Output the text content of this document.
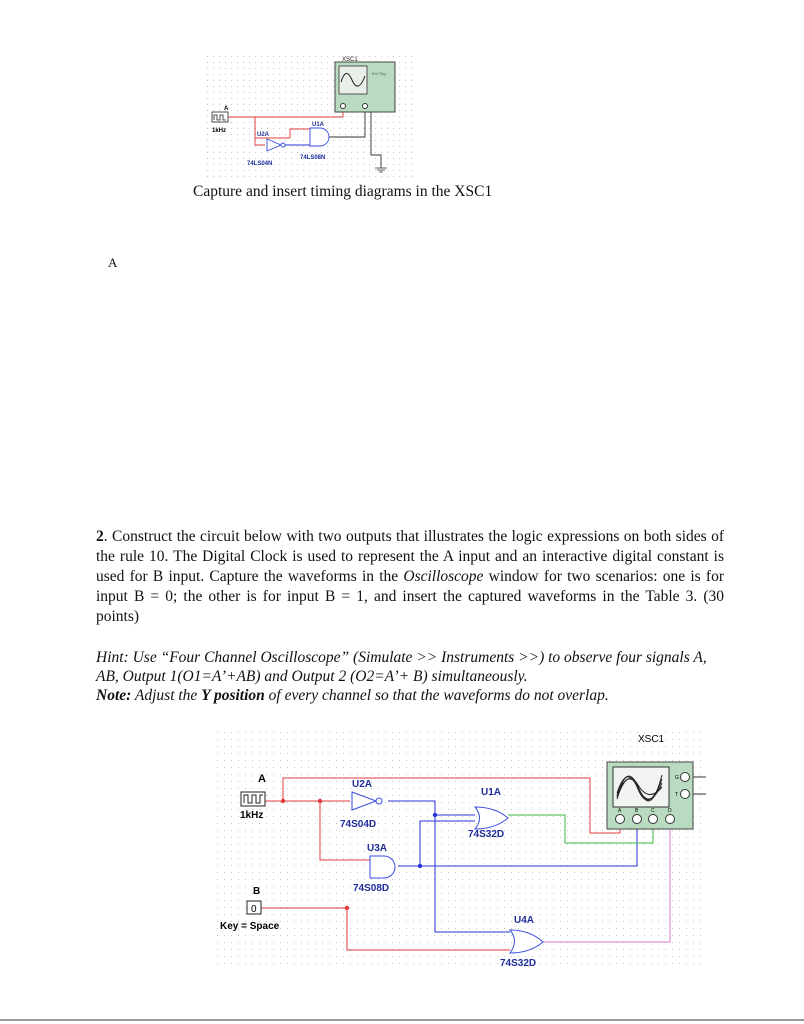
Ext Trig
XSC1
A
1kHz
U2A
74LS04N
U1A
74LS08N
Capture and insert timing diagrams in the XSC1
A
2. Construct the circuit below with two outputs that illustrates the logic expressions on both sides of the rule 10. The Digital Clock is used to represent the A input and an interactive digital constant is used for B input. Capture the waveforms in the Oscilloscope window for two scenarios: one is for input B = 0; the other is for input B = 1, and insert the captured waveforms in the Table 3. (30 points)
Hint: Use “Four Channel Oscilloscope” (Simulate >> Instruments >>) to observe four signals A, AB, Output 1(O1=A’+AB) and Output 2 (O2=A’+ B) simultaneously.
Note: Adjust the Y position of every channel so that the waveforms do not overlap.
A
1kHz
0
B
Key = Space
U2A
74S04D
U1A
74S32D
U3A
74S08D
U4A
74S32D
A	B	C	D
G
T
XSC1
